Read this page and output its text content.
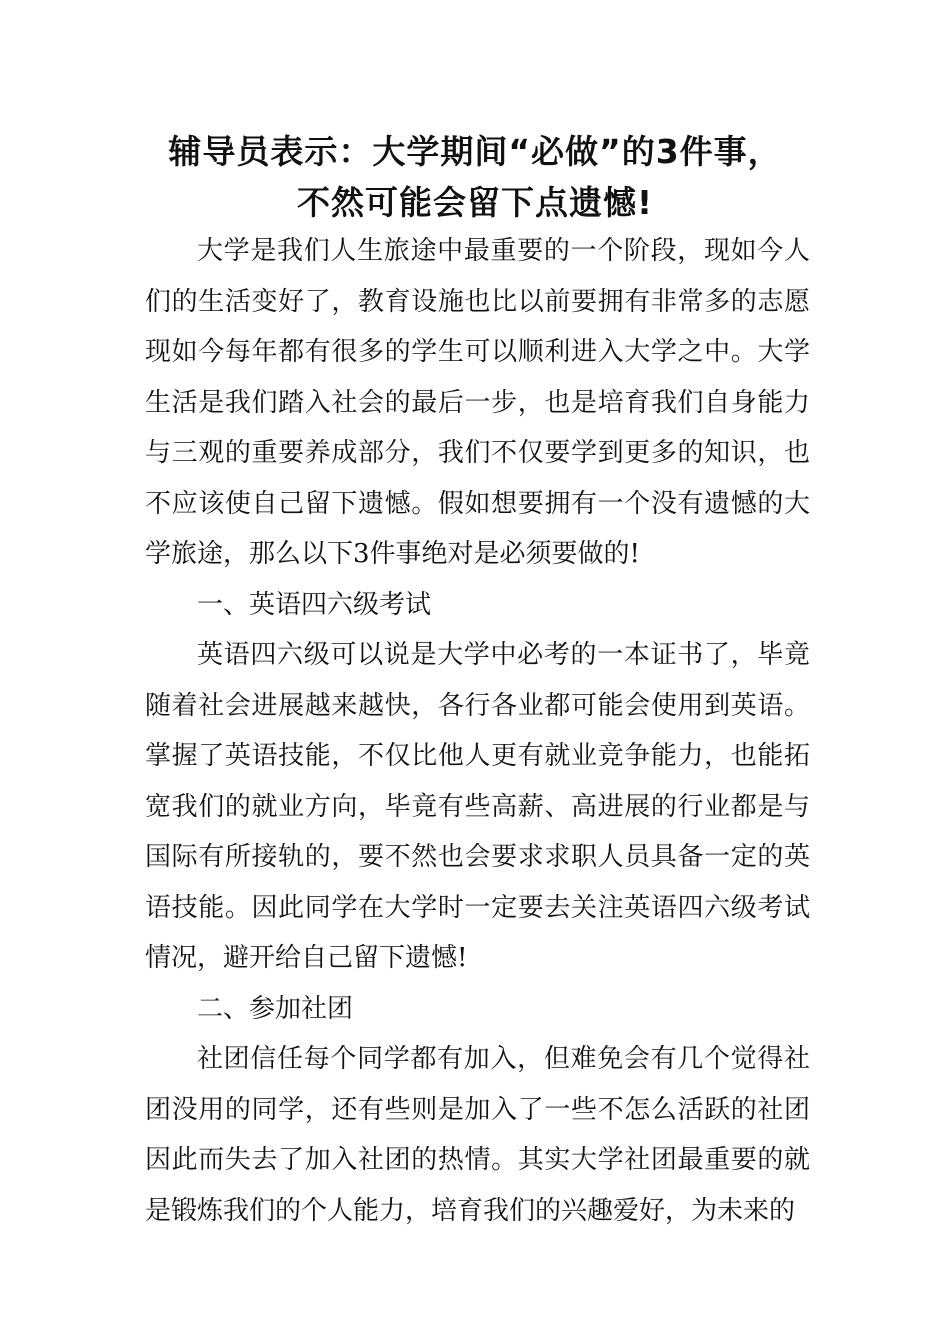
辅导员表示：大学期间“必做”的3件事，
不然可能会留下点遗憾!

大学是我们人生旅途中最重要的一个阶段，现如今人们的生活变好了，教育设施也比以前要拥有非常多的志愿现如今每年都有很多的学生可以顺利进入大学之中。大学生活是我们踏入社会的最后一步，也是培育我们自身能力与三观的重要养成部分，我们不仅要学到更多的知识，也不应该使自己留下遗憾。假如想要拥有一个没有遗憾的大学旅途，那么以下3件事绝对是必须要做的!

一、英语四六级考试

英语四六级可以说是大学中必考的一本证书了，毕竟随着社会进展越来越快，各行各业都可能会使用到英语。掌握了英语技能，不仅比他人更有就业竞争能力，也能拓宽我们的就业方向，毕竟有些高薪、高进展的行业都是与国际有所接轨的，要不然也会要求求职人员具备一定的英语技能。因此同学在大学时一定要去关注英语四六级考试情况，避开给自己留下遗憾!

二、参加社团

社团信任每个同学都有加入，但难免会有几个觉得社团没用的同学，还有些则是加入了一些不怎么活跃的社团因此而失去了加入社团的热情。其实大学社团最重要的就是锻炼我们的个人能力，培育我们的兴趣爱好，为未来的
